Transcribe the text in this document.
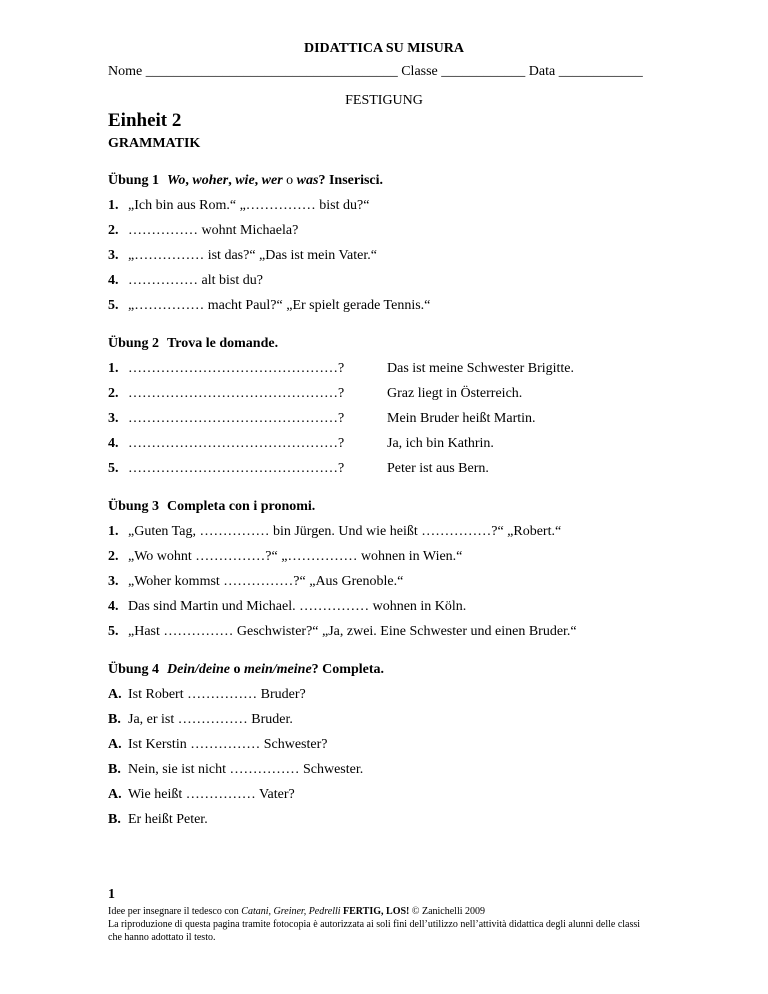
DIDATTICA SU MISURA
Nome ____________________________________ Classe ____________ Data ____________
FESTIGUNG
Einheit 2
GRAMMATIK
Übung 1 Wo, woher, wie, wer o was? Inserisci.
1. „Ich bin aus Rom.“ „…………… bist du?“
2. …………… wohnt Michaela?
3. „…………… ist das?“ „Das ist mein Vater.“
4. …………… alt bist du?
5. „…………… macht Paul?“ „Er spielt gerade Tennis.“
Übung 2 Trova le domande.
1. ………………………………………?	Das ist meine Schwester Brigitte.
2. ………………………………………?	Graz liegt in Österreich.
3. ………………………………………?	Mein Bruder heißt Martin.
4. ………………………………………?	Ja, ich bin Kathrin.
5. ………………………………………?	Peter ist aus Bern.
Übung 3 Completa con i pronomi.
1. „Guten Tag, …………… bin Jürgen. Und wie heißt ……………?“ „Robert.“
2. „Wo wohnt ……………?“ „…………… wohnen in Wien.“
3. „Woher kommst ……………?“ „Aus Grenoble.“
4. Das sind Martin und Michael. …………… wohnen in Köln.
5. „Hast …………… Geschwister?“ „Ja, zwei. Eine Schwester und einen Bruder.“
Übung 4 Dein/deine o mein/meine? Completa.
A. Ist Robert …………… Bruder?
B. Ja, er ist …………… Bruder.
A. Ist Kerstin …………… Schwester?
B. Nein, sie ist nicht …………… Schwester.
A. Wie heißt …………… Vater?
B. Er heißt Peter.
1
Idee per insegnare il tedesco con Catani, Greiner, Pedrelli FERTIG, LOS! © Zanichelli 2009
La riproduzione di questa pagina tramite fotocopia è autorizzata ai soli fini dell’utilizzo nell’attività didattica degli alunni delle classi
che hanno adottato il testo.
